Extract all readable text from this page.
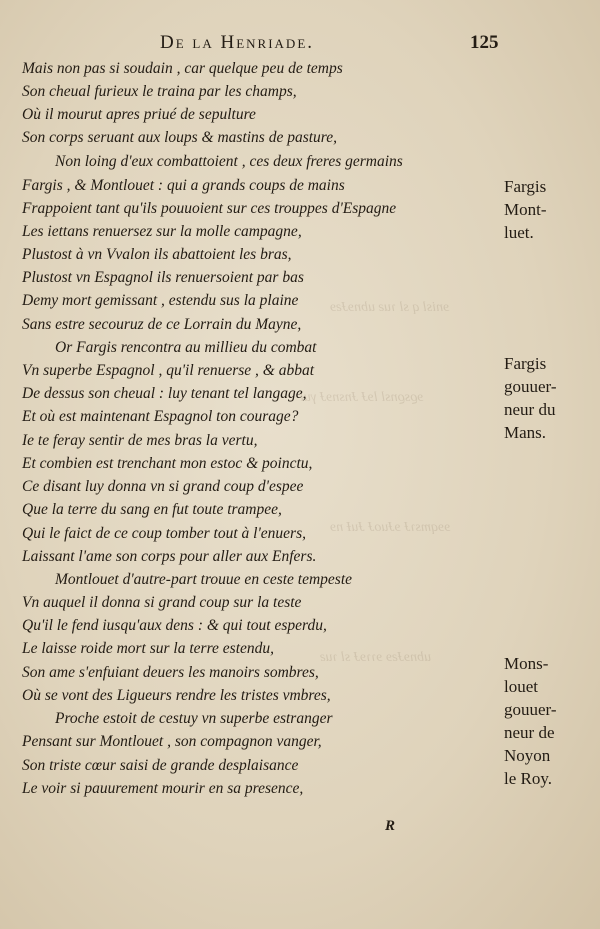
ɘnisl q sl ɿuƨ ubnɘɈƨɘ
ɘϱsϱnsl lɘɈ ɈnsnɘɈ γul
ɘɘqmsɿɈ ɘɈuoɈ ɈuƗ nɘ
ubnɘɈƨɘ ɘɿɿɘɈ sl ɿuƨ
De la Henriade.	125
Mais non pas si soudain , car quelque peu de temps
Son cheual furieux le traina par les champs,
Où il mourut apres priué de sepulture
Son corps seruant aux loups & mastins de pasture,
Non loing d'eux combattoient , ces deux freres germains
Fargis , & Montlouet : qui a grands coups de mains
Frappoient tant qu'ils pouuoient sur ces trouppes d'Espagne
Les iettans renuersez sur la molle campagne,
Plustost à vn Vvalon ils abattoient les bras,
Plustost vn Espagnol ils renuersoient par bas
Demy mort gemissant , estendu sus la plaine
Sans estre secouruz de ce Lorrain du Mayne,
Or Fargis rencontra au millieu du combat
Vn superbe Espagnol , qu'il renuerse , & abbat
De dessus son cheual : luy tenant tel langage,
Et où est maintenant Espagnol ton courage?
Ie te feray sentir de mes bras la vertu,
Et combien est trenchant mon estoc & poinctu,
Ce disant luy donna vn si grand coup d'espee
Que la terre du sang en fut toute trampee,
Qui le faict de ce coup tomber tout à l'enuers,
Laissant l'ame son corps pour aller aux Enfers.
Montlouet d'autre-part trouue en ceste tempeste
Vn auquel il donna si grand coup sur la teste
Qu'il le fend iusqu'aux dens : & qui tout esperdu,
Le laisse roide mort sur la terre estendu,
Son ame s'enfuiant deuers les manoirs sombres,
Où se vont des Ligueurs rendre les tristes vmbres,
Proche estoit de cestuy vn superbe estranger
Pensant sur Montlouet , son compagnon vanger,
Son triste cœur saisi de grande desplaisance
Le voir si pauurement mourir en sa presence,
Fargis
Mont-
luet.
Fargis
gouuer-
neur du
Mans.
Mons-
louet
gouuer-
neur de
Noyon
le Roy.
R
